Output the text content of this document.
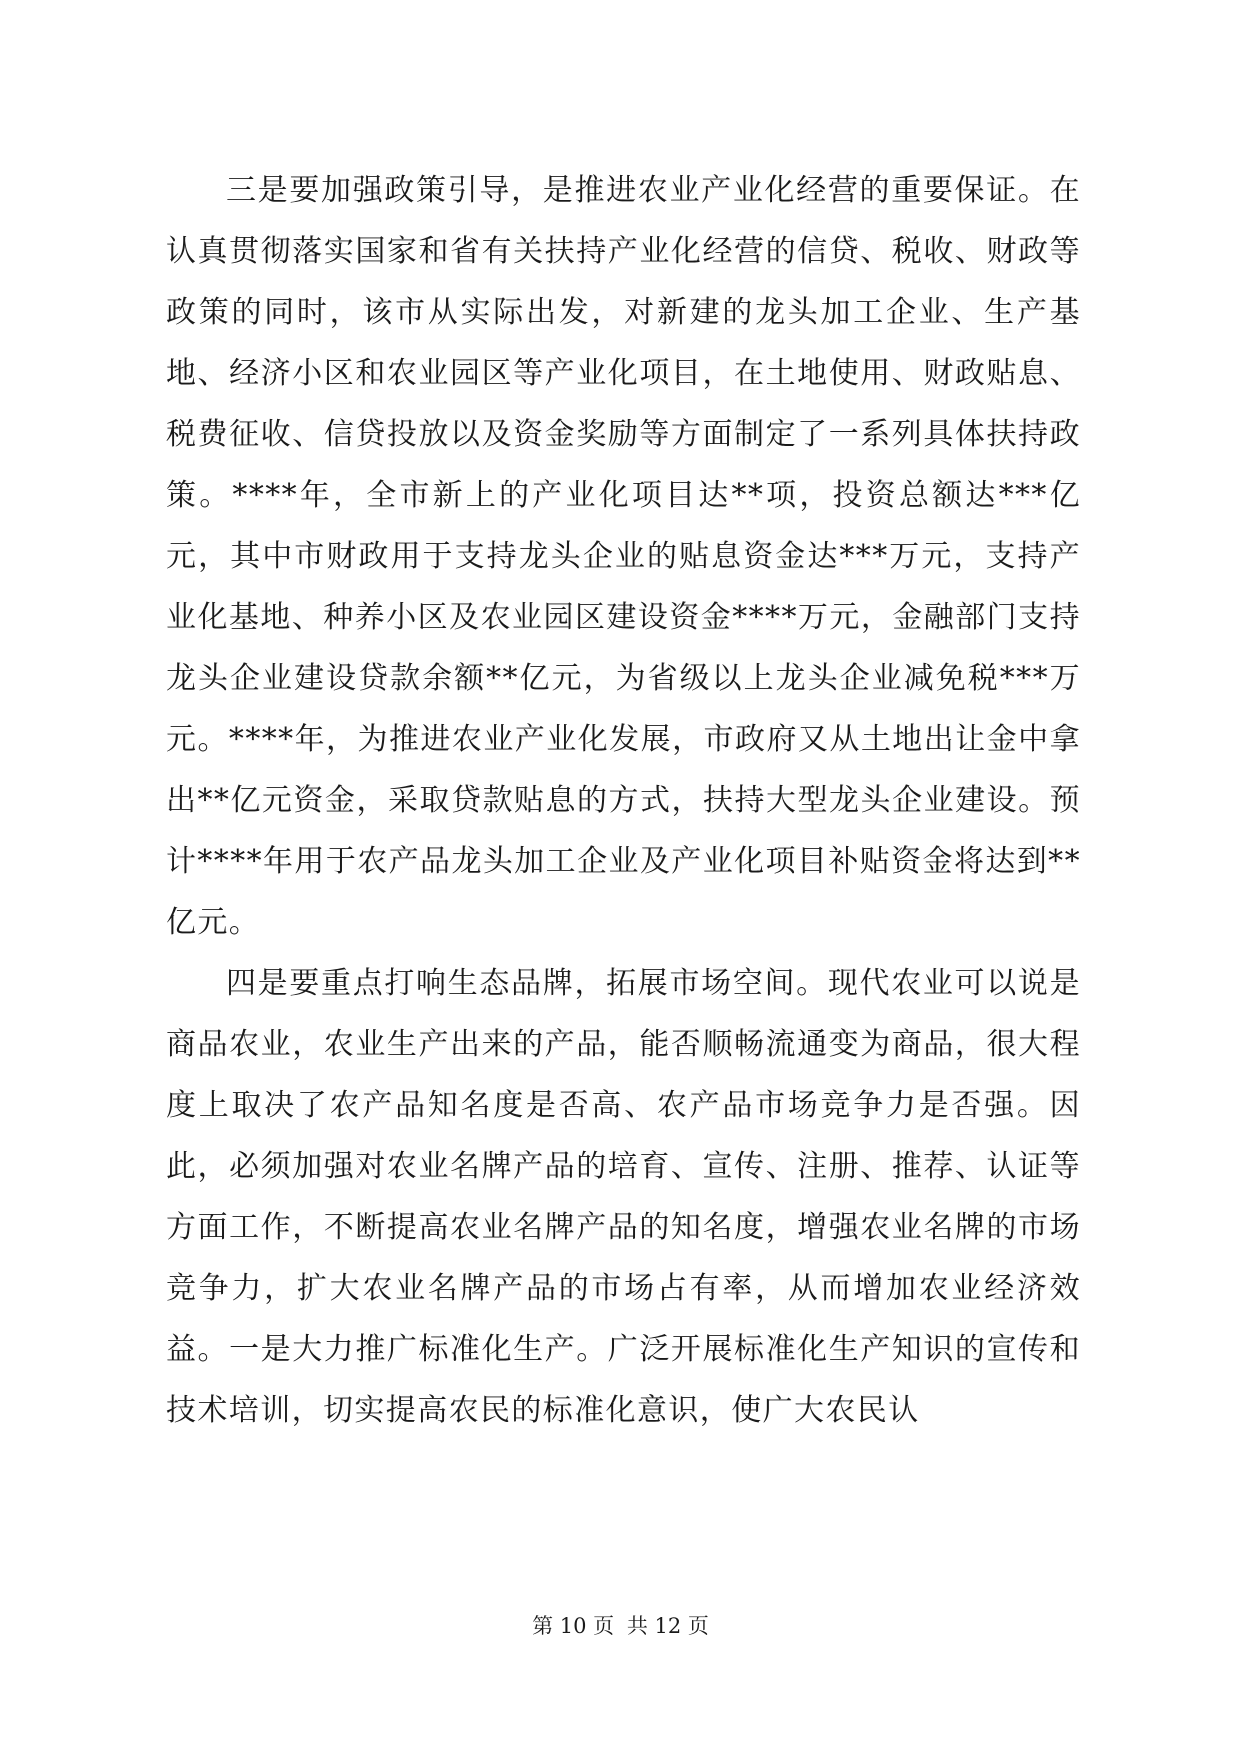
三是要加强政策引导，是推进农业产业化经营的重要保证。在认真贯彻落实国家和省有关扶持产业化经营的信贷、税收、财政等政策的同时，该市从实际出发，对新建的龙头加工企业、生产基地、经济小区和农业园区等产业化项目，在土地使用、财政贴息、税费征收、信贷投放以及资金奖励等方面制定了一系列具体扶持政策。****年，全市新上的产业化项目达**项，投资总额达***亿元，其中市财政用于支持龙头企业的贴息资金达***万元，支持产业化基地、种养小区及农业园区建设资金****万元，金融部门支持龙头企业建设贷款余额**亿元，为省级以上龙头企业减免税***万元。****年，为推进农业产业化发展，市政府又从土地出让金中拿出**亿元资金，采取贷款贴息的方式，扶持大型龙头企业建设。预计****年用于农产品龙头加工企业及产业化项目补贴资金将达到**亿元。

四是要重点打响生态品牌，拓展市场空间。现代农业可以说是商品农业，农业生产出来的产品，能否顺畅流通变为商品，很大程度上取决了农产品知名度是否高、农产品市场竞争力是否强。因此，必须加强对农业名牌产品的培育、宣传、注册、推荐、认证等方面工作，不断提高农业名牌产品的知名度，增强农业名牌的市场竞争力，扩大农业名牌产品的市场占有率，从而增加农业经济效益。一是大力推广标准化生产。广泛开展标准化生产知识的宣传和技术培训，切实提高农民的标准化意识，使广大农民认

第 10 页 共 12 页
